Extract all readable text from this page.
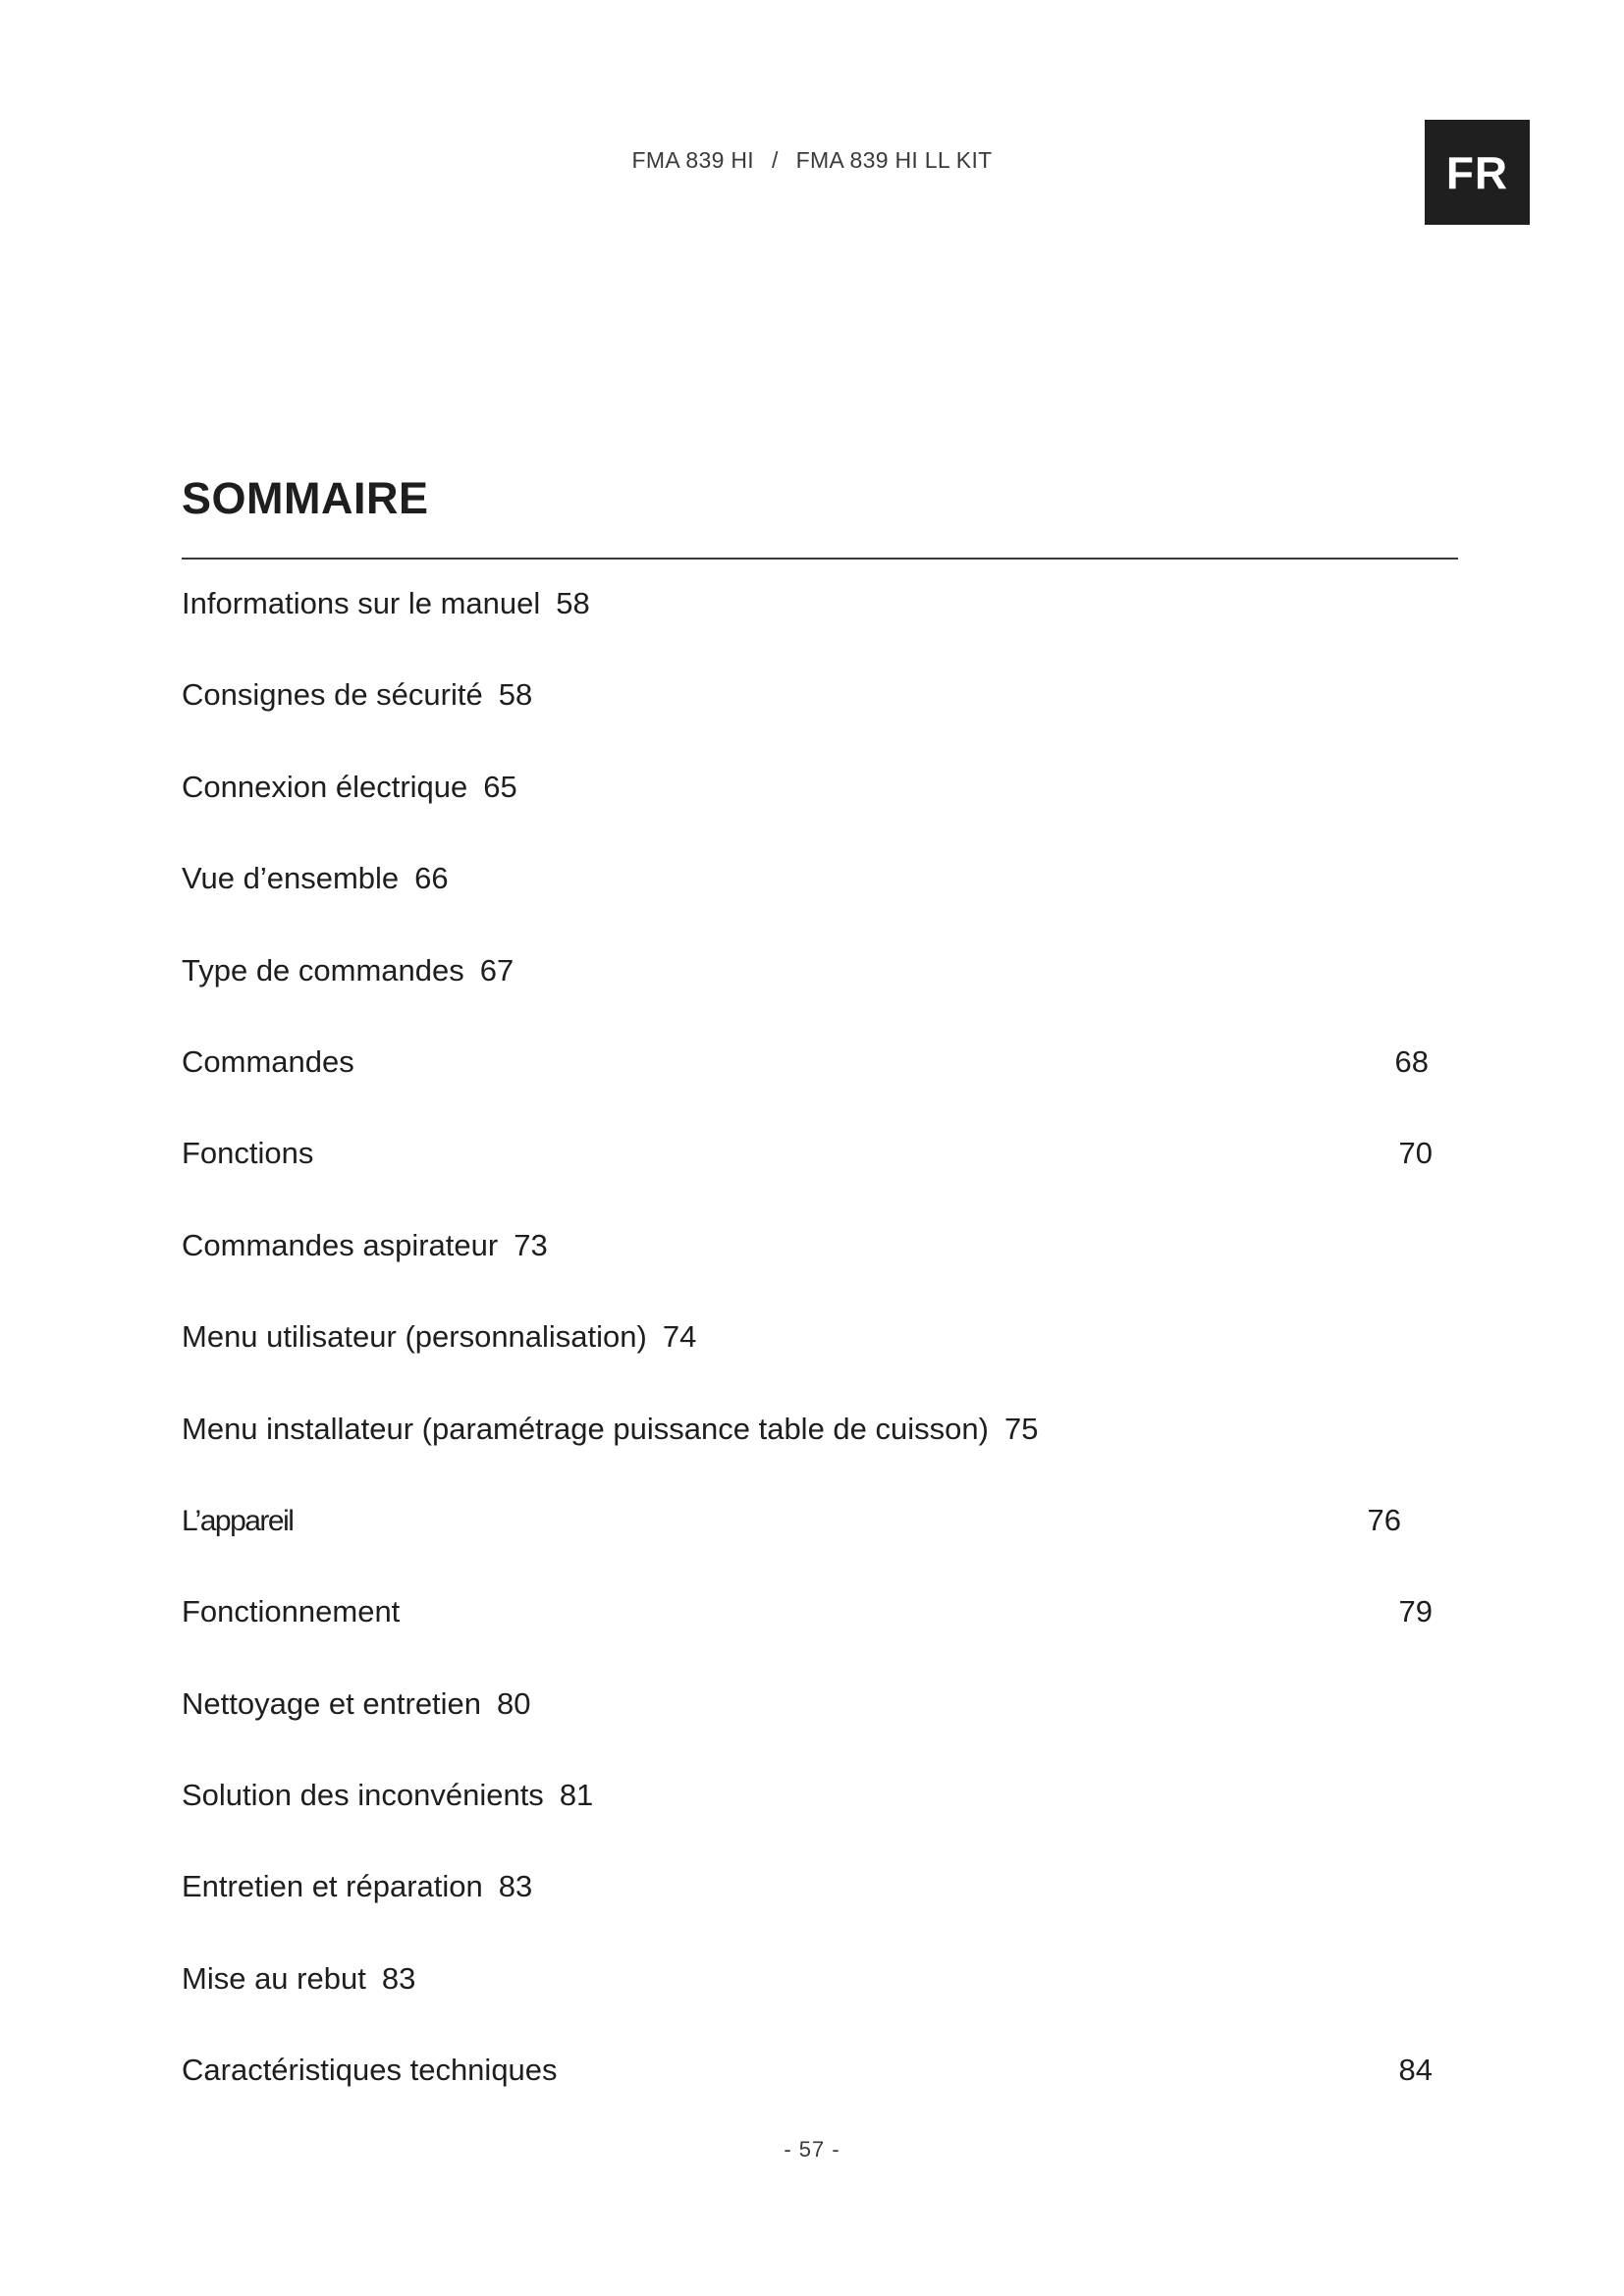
FMA 839 HI / FMA 839 HI LL KIT	FR
SOMMAIRE
Informations sur le manuel 58
Consignes de sécurité 58
Connexion électrique 65
Vue d’ensemble 66
Type de commandes 67
Commandes	68
Fonctions	70
Commandes aspirateur 73
Menu utilisateur (personnalisation) 74
Menu installateur (paramétrage puissance table de cuisson) 75
L’appareil	76
Fonctionnement	79
Nettoyage et entretien 80
Solution des inconvénients 81
Entretien et réparation 83
Mise au rebut 83
Caractéristiques techniques	84
- 57 -
